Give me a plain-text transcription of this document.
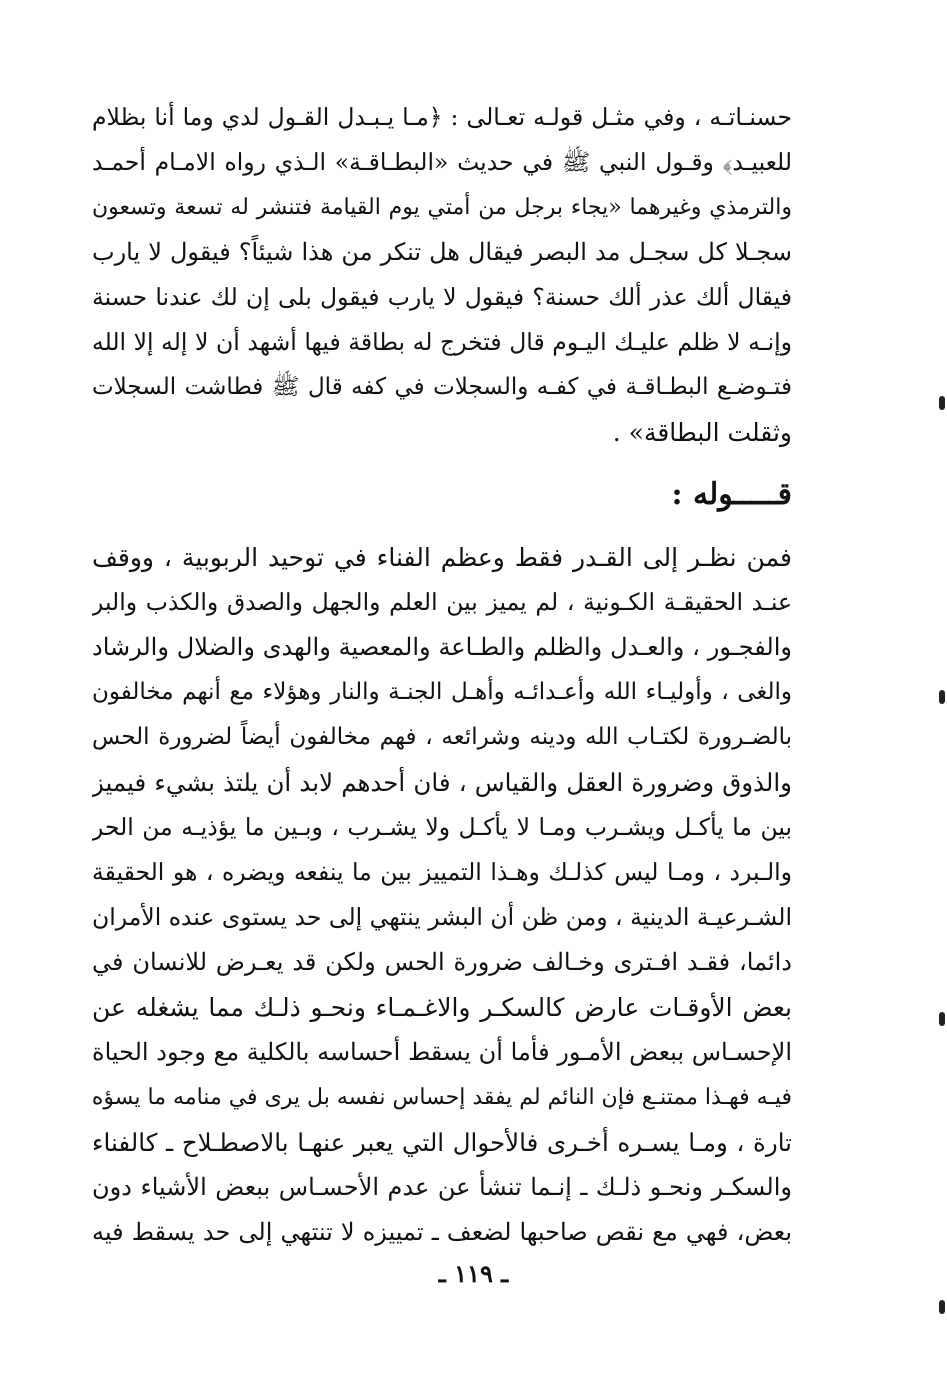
حسنـاتـه ، وفي مثـل قولـه تعـالى : ﴿مـا يـبـدل القـول لدي وما أنا بظلام
للعبيـد﴾ وقـول النبي ﷺ في حديث «البطـاقـة» الـذي رواه الامـام أحمـد
والترمذي وغيرهما «يجاء برجل من أمتي يوم القيامة فتنشر له تسعة وتسعون
سجـلا كل سجـل مد البصر فيقال هل تنكر من هذا شيئاً؟ فيقول لا يارب
فيقال ألك عذر ألك حسنة؟ فيقول لا يارب فيقول بلى إن لك عندنا حسنة
وإنـه لا ظلم عليـك اليـوم قال فتخرج له بطاقة فيها أشهد أن لا إله إلا الله
فتـوضـع البطـاقـة في كفـه والسجلات في كفه قال ﷺ فطاشت السجلات
وثقلت البطاقة» .
قـــــوله :
فمن نظـر إلى القـدر فقط وعظم الفناء في توحيد الربوبية ، ووقف
عنـد الحقيقـة الكـونية ، لم يميز بين العلم والجهل والصدق والكذب والبر
والفجـور ، والعـدل والظلم والطـاعة والمعصية والهدى والضلال والرشاد
والغى ، وأوليـاء الله وأعـدائـه وأهـل الجنـة والنار وهؤلاء مع أنهم مخالفون
بالضـرورة لكتـاب الله ودينه وشرائعه ، فهم مخالفون أيضاً لضرورة الحس
والذوق وضرورة العقل والقياس ، فان أحدهم لابد أن يلتذ بشيء فيميز
بين ما يأكـل ويشـرب ومـا لا يأكـل ولا يشـرب ، وبـين ما يؤذيـه من الحر
والـبرد ، ومـا ليس كذلـك وهـذا التمييز بين ما ينفعه ويضره ، هو الحقيقة
الشـرعيـة الدينية ، ومن ظن أن البشر ينتهي إلى حد يستوى عنده الأمران
دائما، فقـد افـترى وخـالف ضرورة الحس ولكن قد يعـرض للانسان في
بعض الأوقـات عارض كالسكـر والاغـمـاء ونحـو ذلـك مما يشغله عن
الإحسـاس ببعض الأمـور فأما أن يسقط أحساسه بالكلية مع وجود الحياة
فيـه فهـذا ممتنـع فإن النائم لم يفقد إحساس نفسه بل يرى في منامه ما يسؤه
تارة ، ومـا يسـره أخـرى فالأحوال التي يعبر عنهـا بالاصطـلاح ـ كالفناء
والسكـر ونحـو ذلـك ـ إنـما تنشأ عن عدم الأحسـاس ببعض الأشياء دون
بعض، فهي مع نقص صاحبها لضعف ـ تمييزه لا تنتهي إلى حد يسقط فيه
ـ ١١٩ ـ
